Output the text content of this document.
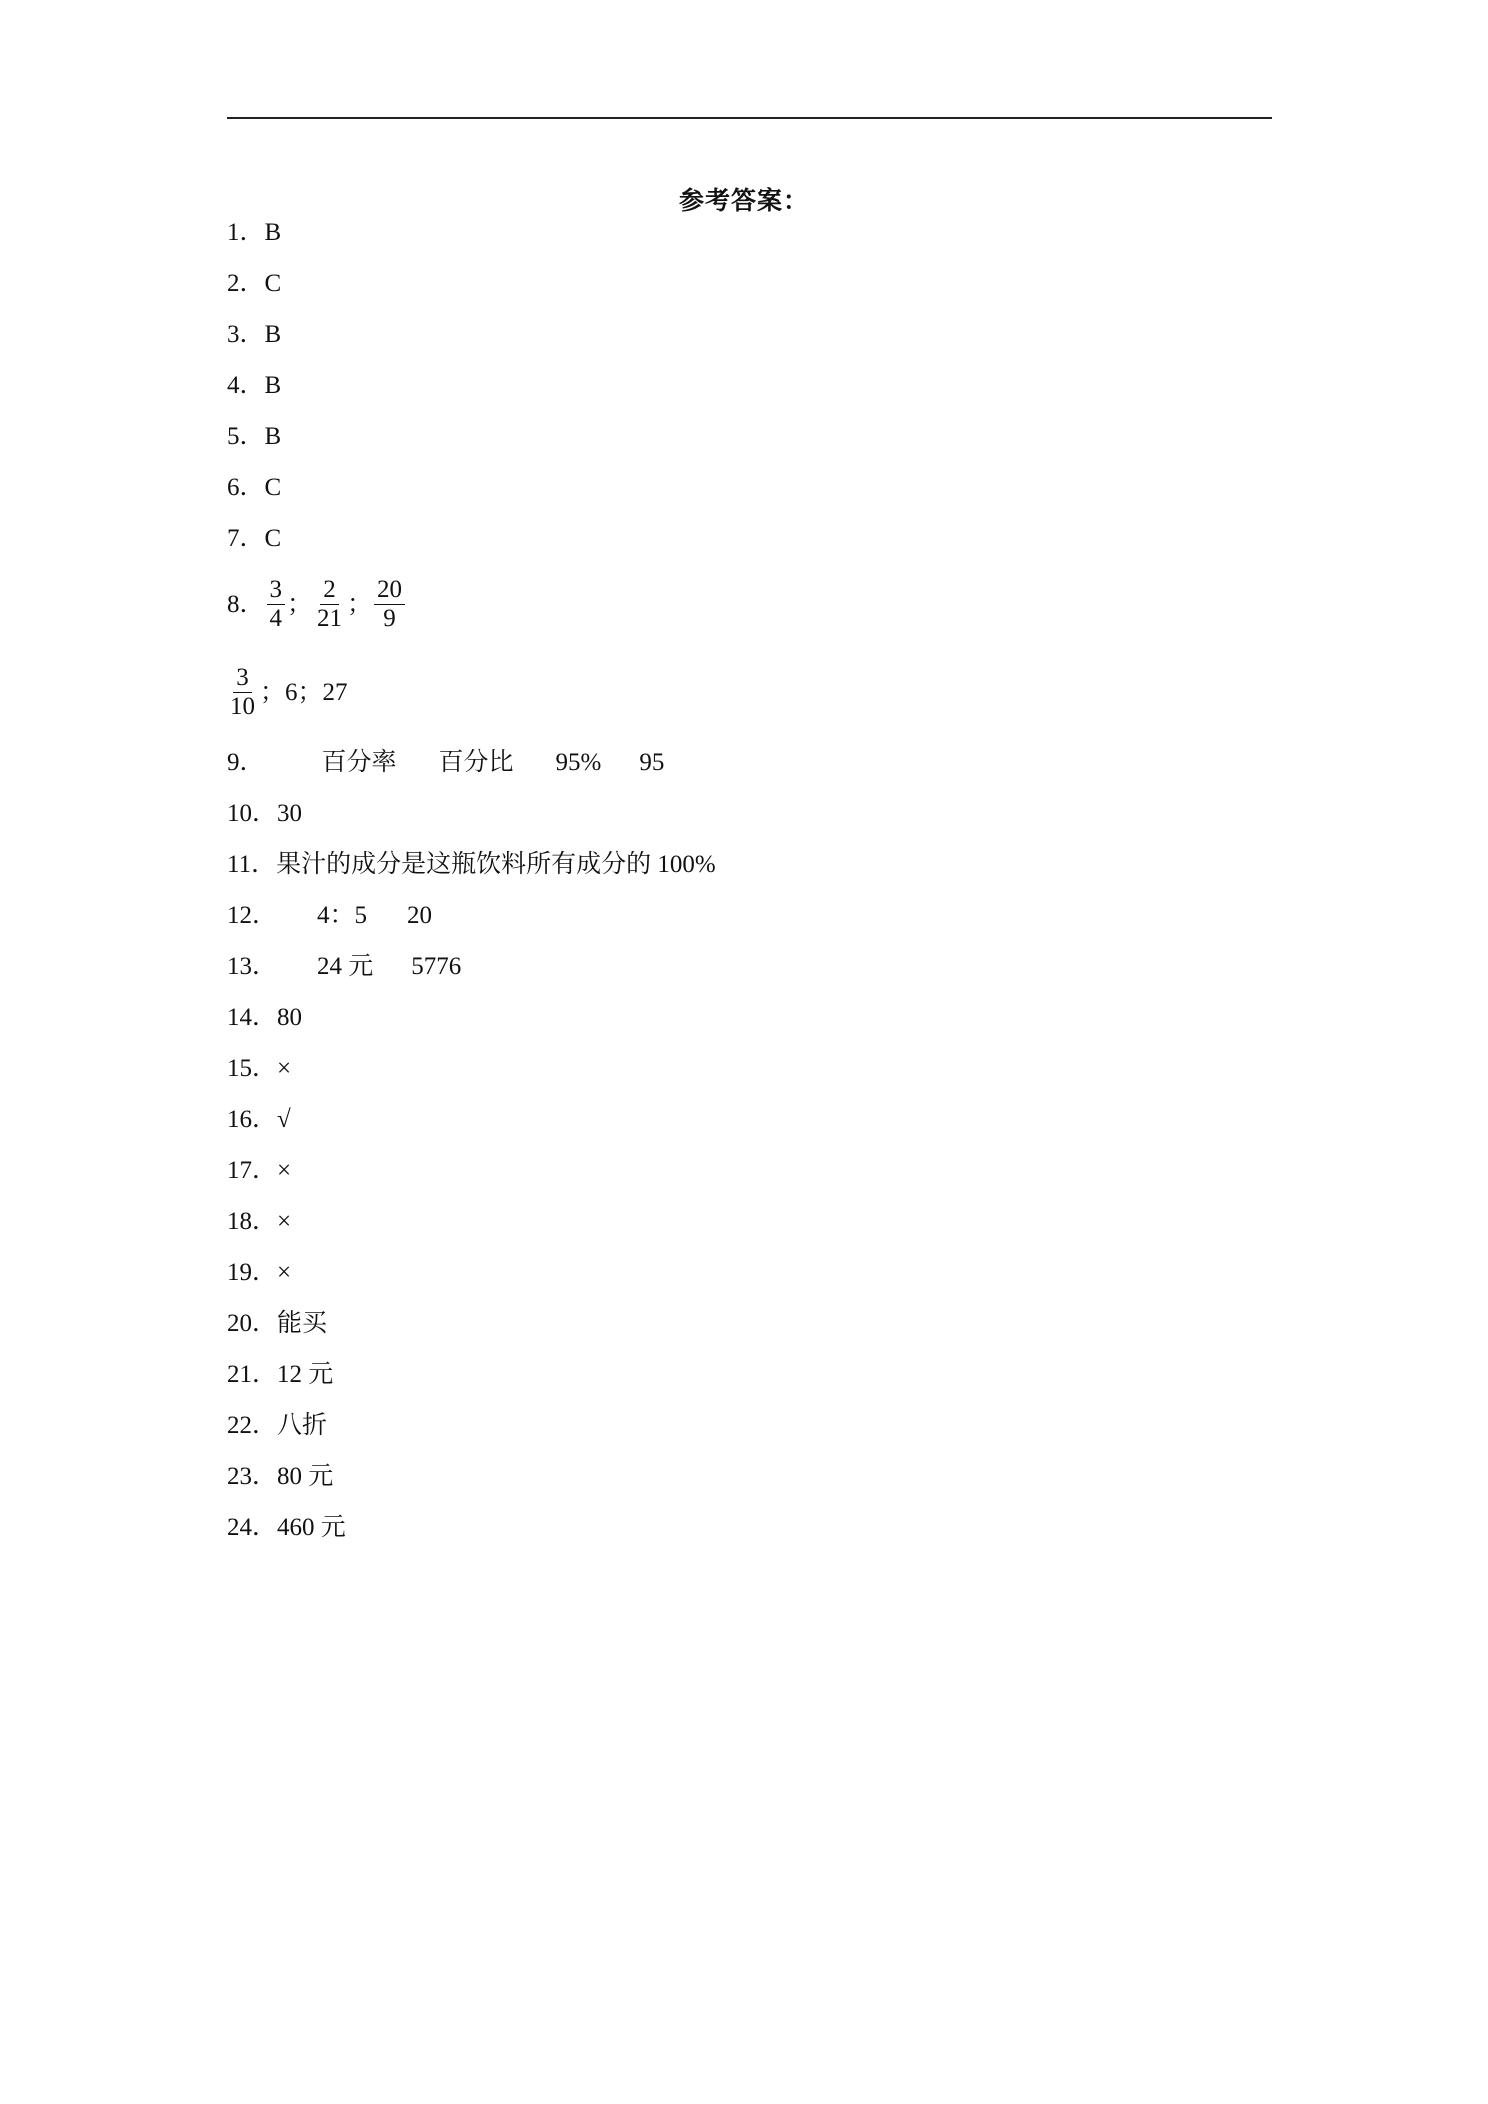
参考答案：
1． B
2． C
3． B
4． B
5． B
6． C
7． C
8． $\frac{3}{4}$ ； $\frac{2}{21}$ ； $\frac{20}{9}$
$\frac{3}{10}$ ；6；27
9． 百分率 百分比 95% 95
10． 30
11． 果汁的成分是这瓶饮料所有成分的 100%
12． 4：5 20
13． 24 元 5776
14． 80
15． ×
16． √
17． ×
18． ×
19． ×
20． 能买
21． 12 元
22． 八折
23． 80 元
24． 460 元
